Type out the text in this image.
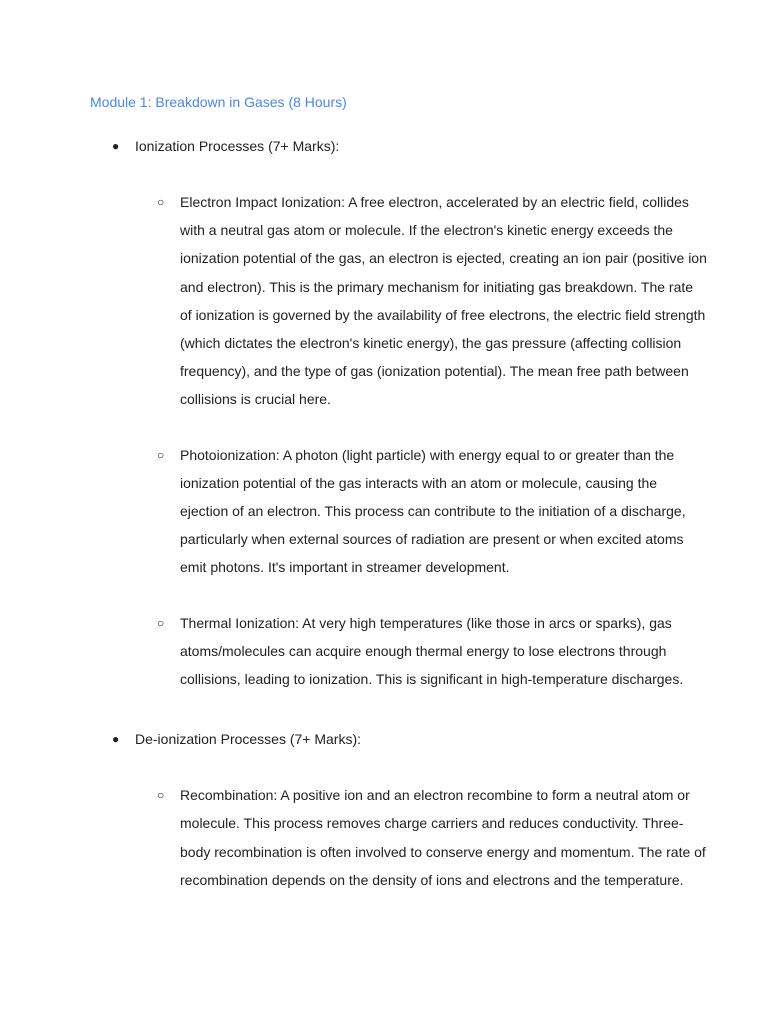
Module 1: Breakdown in Gases (8 Hours)
● Ionization Processes (7+ Marks):
○ Electron Impact Ionization: A free electron, accelerated by an electric field, collides with a neutral gas atom or molecule. If the electron's kinetic energy exceeds the ionization potential of the gas, an electron is ejected, creating an ion pair (positive ion and electron). This is the primary mechanism for initiating gas breakdown. The rate of ionization is governed by the availability of free electrons, the electric field strength (which dictates the electron's kinetic energy), the gas pressure (affecting collision frequency), and the type of gas (ionization potential). The mean free path between collisions is crucial here.
○ Photoionization: A photon (light particle) with energy equal to or greater than the ionization potential of the gas interacts with an atom or molecule, causing the ejection of an electron. This process can contribute to the initiation of a discharge, particularly when external sources of radiation are present or when excited atoms emit photons. It's important in streamer development.
○ Thermal Ionization: At very high temperatures (like those in arcs or sparks), gas atoms/molecules can acquire enough thermal energy to lose electrons through collisions, leading to ionization. This is significant in high-temperature discharges.
● De-ionization Processes (7+ Marks):
○ Recombination: A positive ion and an electron recombine to form a neutral atom or molecule. This process removes charge carriers and reduces conductivity. Three-body recombination is often involved to conserve energy and momentum. The rate of recombination depends on the density of ions and electrons and the temperature.
